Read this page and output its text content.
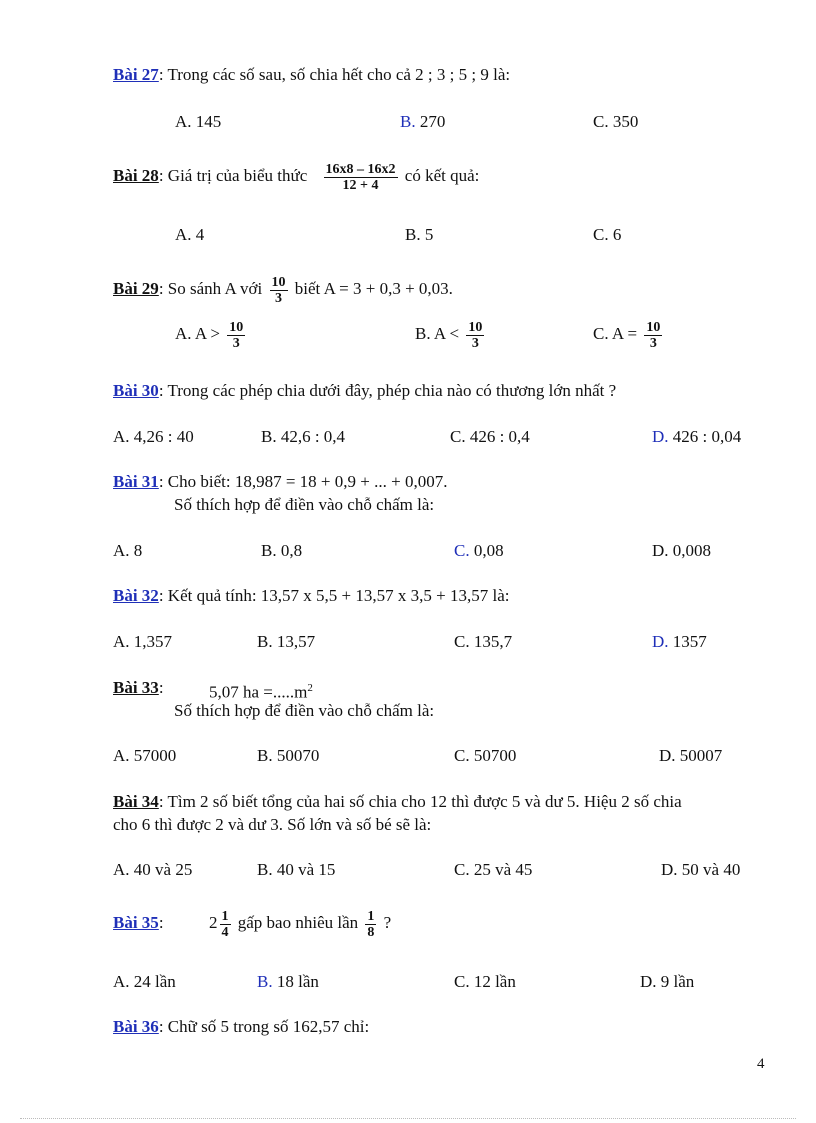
Bài 27: Trong các số sau, số chia hết cho cả 2 ; 3 ; 5 ; 9 là:
A. 145	B. 270	C. 350
Bài 28: Giá trị của biểu thức $\frac{16x8 - 16x2}{12 + 4}$ có kết quả:
A. 4	B. 5	C. 6
Bài 29: So sánh A với $\frac{10}{3}$ biết A = 3 + 0,3 + 0,03.
A. $A > \frac{10}{3}$	B. $A < \frac{10}{3}$	C. $A = \frac{10}{3}$
Bài 30: Trong các phép chia dưới đây, phép chia nào có thương lớn nhất ?
A. 4,26 : 40	B. 42,6 : 0,4	C. 426 : 0,4	D. 426 : 0,04
Bài 31: Cho biết: 18,987 = 18 + 0,9 + ... + 0,007.
Số thích hợp để điền vào chỗ chấm là:
A. 8	B. 0,8	C. 0,08	D. 0,008
Bài 32: Kết quả tính: 13,57 x 5,5 + 13,57 x 3,5 + 13,57 là:
A. 1,357	B. 13,57	C. 135,7	D. 1357
Bài 33:	5,07 ha $=.....m^2$
Số thích hợp để điền vào chỗ chấm là:
A. 57000	B. 50070	C. 50700	D. 50007
Bài 34: Tìm 2 số biết tổng của hai số chia cho 12 thì được 5 và dư 5. Hiệu 2 số chia
cho 6 thì được 2 và dư 3. Số lớn và số bé sẽ là:
A. 40 và 25	B. 40 và 15	C. 25 và 45	D. 50 và 40
Bài 35:	$2 \frac{1}{4}$ gấp bao nhiêu lần $\frac{1}{8}$ ?
A. 24 lần	B. 18 lần	C. 12 lần	D. 9 lần
Bài 36: Chữ số 5 trong số 162,57 chỉ:
4
